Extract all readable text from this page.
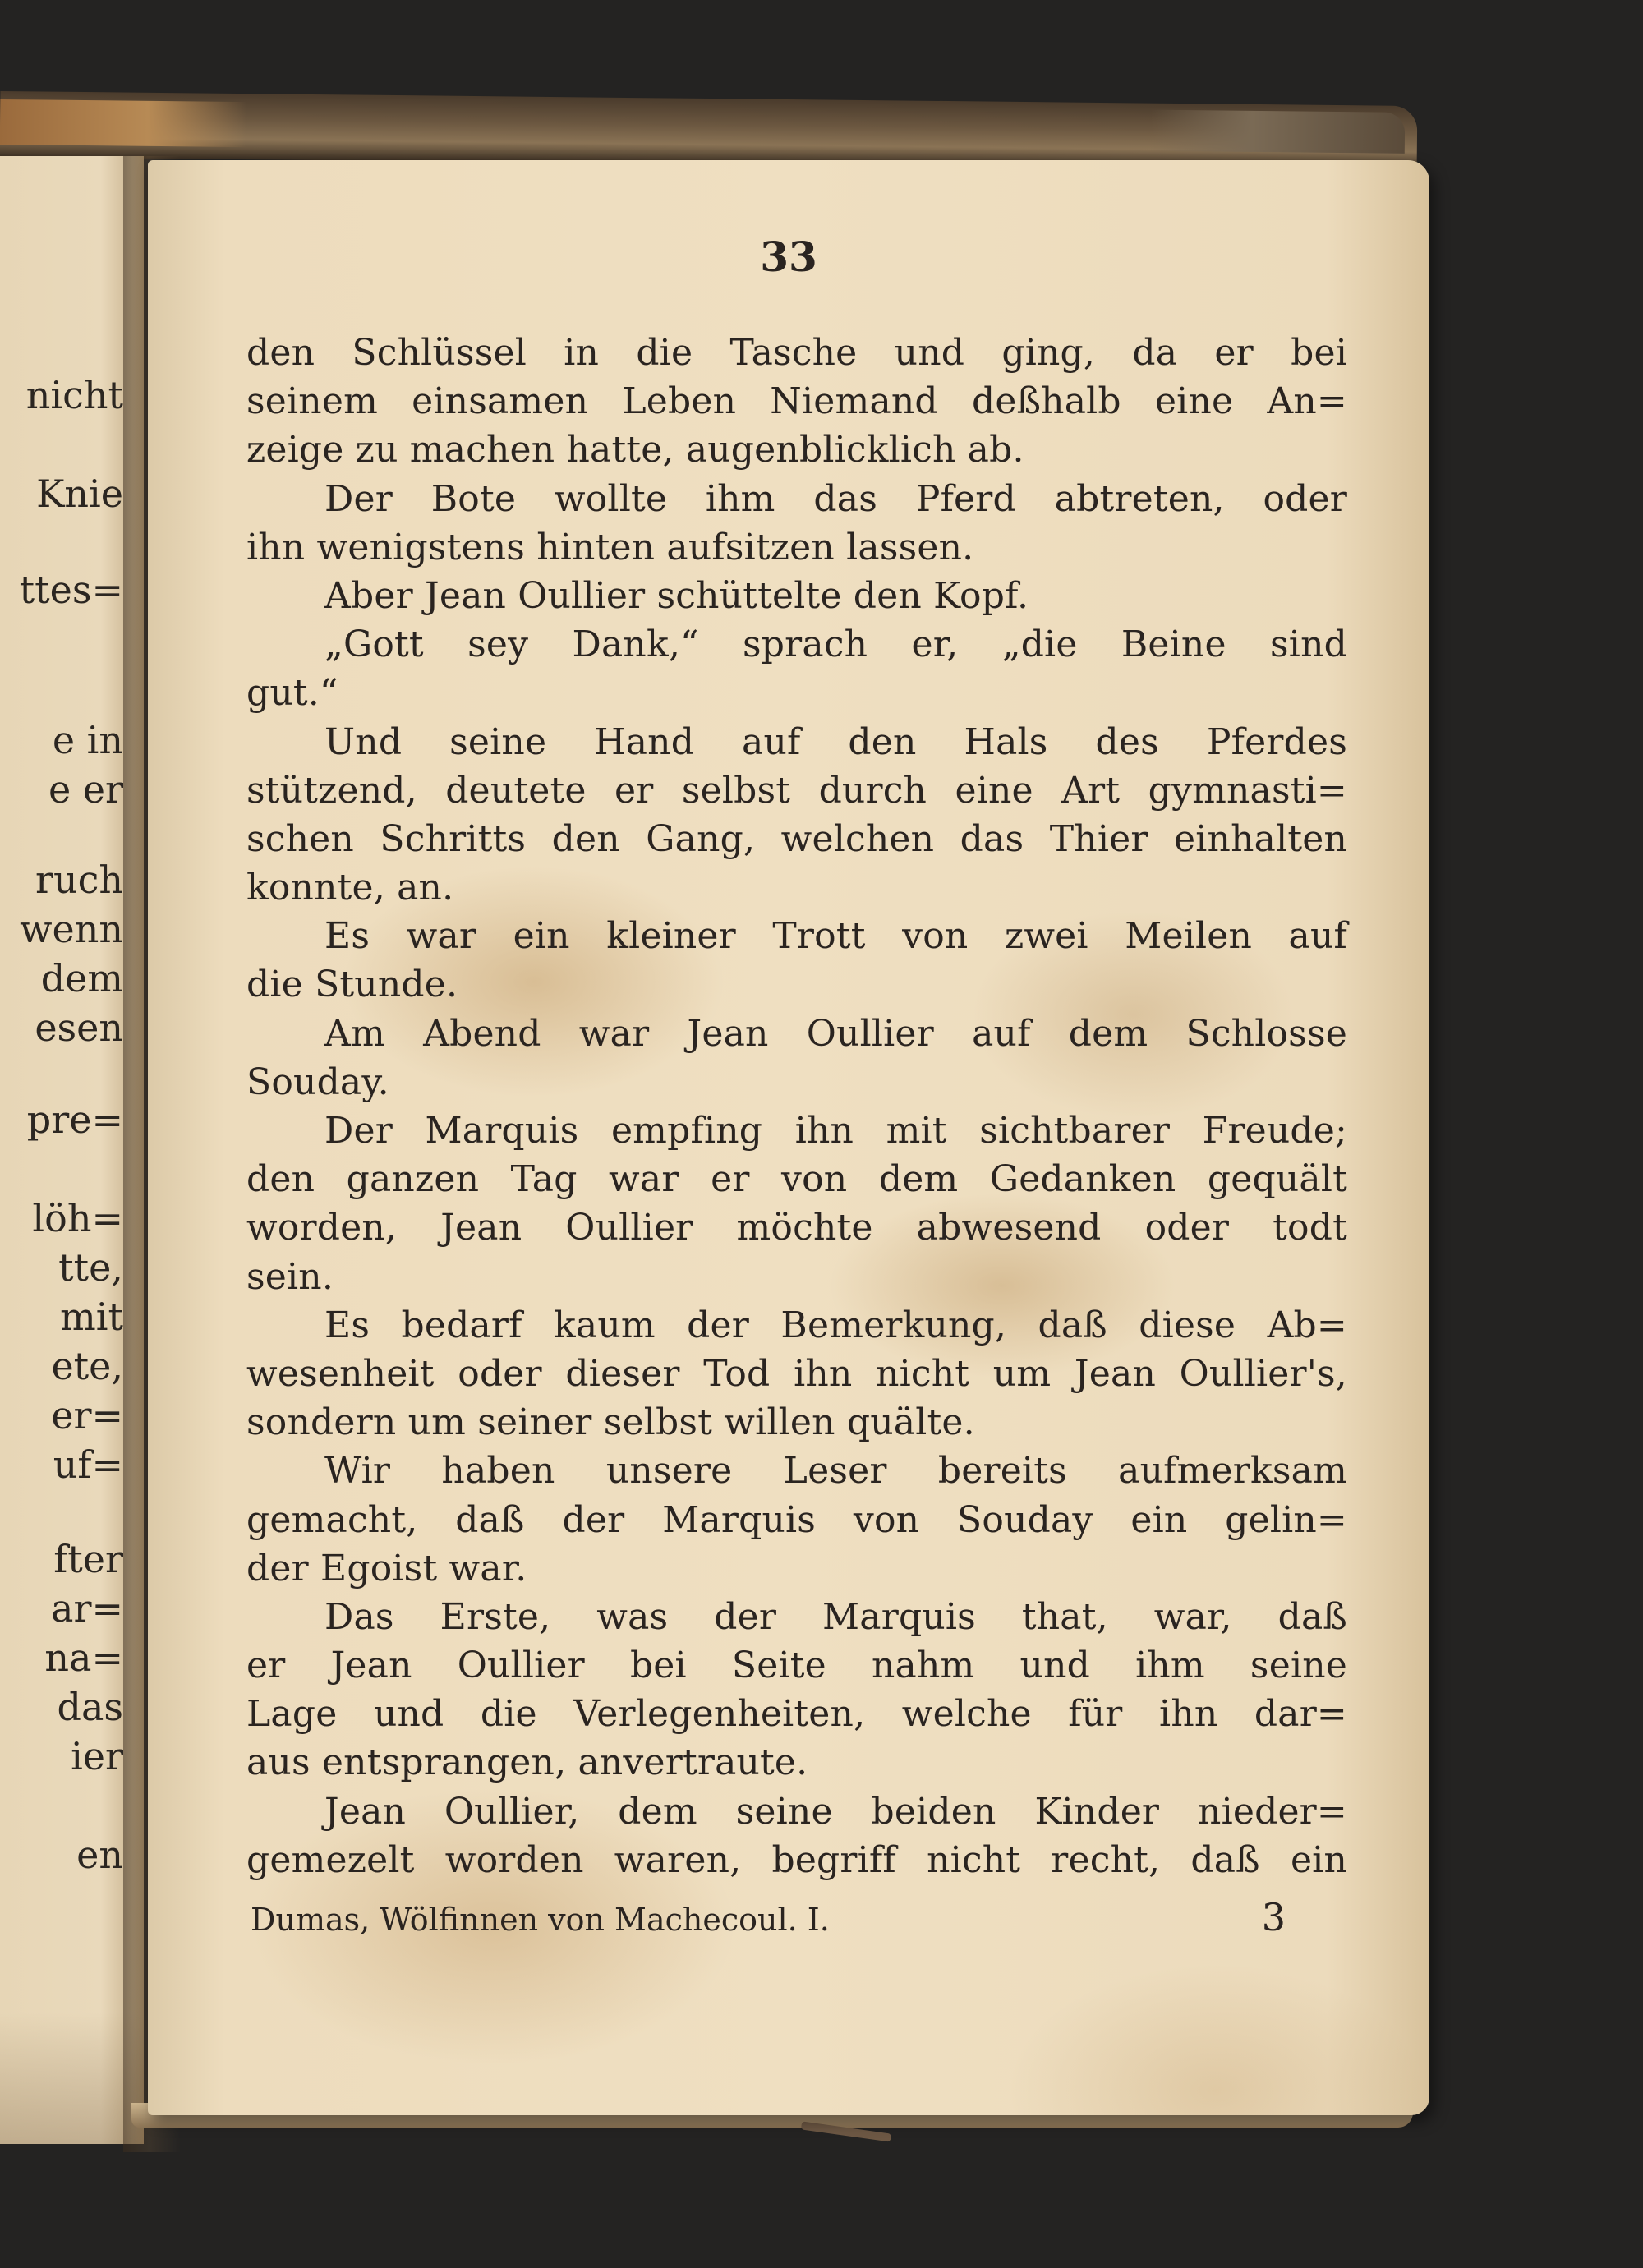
nicht
Knie
ttes=
e in
e er
ruch
wenn
dem
esen
pre=
löh=
tte,
mit
ete,
er=
uf=
fter
ar=
na=
das
ier
en
33
den Schlüssel in die Tasche und ging, da er bei
seinem einsamen Leben Niemand deßhalb eine An=
zeige zu machen hatte, augenblicklich ab.
Der Bote wollte ihm das Pferd abtreten, oder
ihn wenigstens hinten aufsitzen lassen.
Aber Jean Oullier schüttelte den Kopf.
„Gott sey Dank,“ sprach er, „die Beine sind
gut.“
Und seine Hand auf den Hals des Pferdes
stützend, deutete er selbst durch eine Art gymnasti=
schen Schritts den Gang, welchen das Thier einhalten
konnte, an.
Es war ein kleiner Trott von zwei Meilen auf
die Stunde.
Am Abend war Jean Oullier auf dem Schlosse
Souday.
Der Marquis empfing ihn mit sichtbarer Freude;
den ganzen Tag war er von dem Gedanken gequält
worden, Jean Oullier möchte abwesend oder todt
sein.
Es bedarf kaum der Bemerkung, daß diese Ab=
wesenheit oder dieser Tod ihn nicht um Jean Oullier's,
sondern um seiner selbst willen quälte.
Wir haben unsere Leser bereits aufmerksam
gemacht, daß der Marquis von Souday ein gelin=
der Egoist war.
Das Erste, was der Marquis that, war, daß
er Jean Oullier bei Seite nahm und ihm seine
Lage und die Verlegenheiten, welche für ihn dar=
aus entsprangen, anvertraute.
Jean Oullier, dem seine beiden Kinder nieder=
gemezelt worden waren, begriff nicht recht, daß ein
Dumas, Wölfinnen von Machecoul. I.	3
